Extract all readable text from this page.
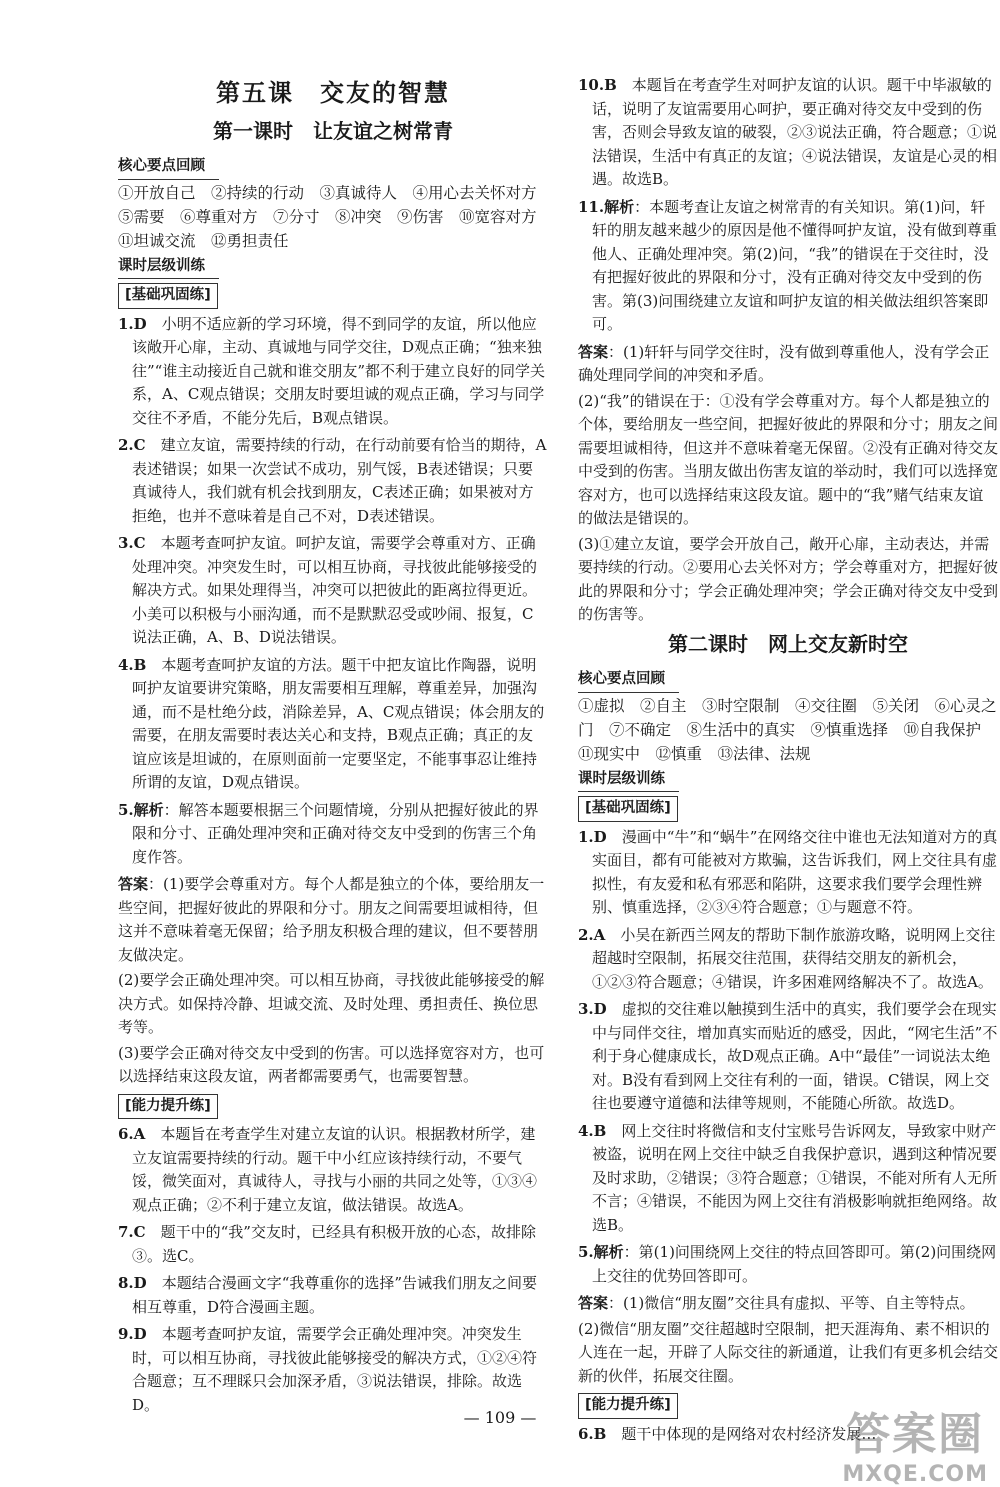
第五课　交友的智慧
第一课时　让友谊之树常青
核心要点回顾
①开放自己　②持续的行动　③真诚待人　④用心去关怀对方　⑤需要　⑥尊重对方　⑦分寸　⑧冲突　⑨伤害　⑩宽容对方　⑪坦诚交流　⑫勇担责任
课时层级训练
[基础巩固练]
1.D　 小明不适应新的学习环境，得不到同学的友谊，所以他应该敞开心扉，主动、真诚地与同学交往，D观点正确；“独来独往”“谁主动接近自己就和谁交朋友”都不利于建立良好的同学关系，A、C观点错误；交朋友时要坦诚的观点正确，学习与同学交往不矛盾，不能分先后，B观点错误。
2.C　 建立友谊，需要持续的行动，在行动前要有恰当的期待，A表述错误；如果一次尝试不成功，别气馁，B表述错误；只要真诚待人，我们就有机会找到朋友，C表述正确；如果被对方拒绝，也并不意味着是自己不对，D表述错误。
3.C　 本题考查呵护友谊。呵护友谊，需要学会尊重对方、正确处理冲突。冲突发生时，可以相互协商，寻找彼此能够接受的解决方式。如果处理得当，冲突可以把彼此的距离拉得更近。小美可以积极与小丽沟通，而不是默默忍受或吵闹、报复，C说法正确，A、B、D说法错误。
4.B　 本题考查呵护友谊的方法。题干中把友谊比作陶器，说明呵护友谊要讲究策略，朋友需要相互理解，尊重差异，加强沟通，而不是杜绝分歧，消除差异，A、C观点错误；体会朋友的需要，在朋友需要时表达关心和支持，B观点正确；真正的友谊应该是坦诚的，在原则面前一定要坚定，不能事事忍让维持所谓的友谊，D观点错误。
5.解析：解答本题要根据三个问题情境，分别从把握好彼此的界限和分寸、正确处理冲突和正确对待交友中受到的伤害三个角度作答。
答案：(1)要学会尊重对方。每个人都是独立的个体，要给朋友一些空间，把握好彼此的界限和分寸。朋友之间需要坦诚相待，但这并不意味着毫无保留；给予朋友积极合理的建议，但不要替朋友做决定。
(2)要学会正确处理冲突。可以相互协商，寻找彼此能够接受的解决方式。如保持冷静、坦诚交流、及时处理、勇担责任、换位思考等。
(3)要学会正确对待交友中受到的伤害。可以选择宽容对方，也可以选择结束这段友谊，两者都需要勇气，也需要智慧。
[能力提升练]
6.A　 本题旨在考查学生对建立友谊的认识。根据教材所学，建立友谊需要持续的行动。题干中小红应该持续行动，不要气馁，微笑面对，真诚待人，寻找与小丽的共同之处等，①③④观点正确；②不利于建立友谊，做法错误。故选A。
7.C　 题干中的“我”交友时，已经具有积极开放的心态，故排除③。选C。
8.D　 本题结合漫画文字“我尊重你的选择”告诫我们朋友之间要相互尊重，D符合漫画主题。
9.D　 本题考查呵护友谊，需要学会正确处理冲突。冲突发生时，可以相互协商，寻找彼此能够接受的解决方式，①②④符合题意；互不理睬只会加深矛盾，③说法错误，排除。故选D。
10.B　 本题旨在考查学生对呵护友谊的认识。题干中毕淑敏的话，说明了友谊需要用心呵护，要正确对待交友中受到的伤害，否则会导致友谊的破裂，②③说法正确，符合题意；①说法错误，生活中有真正的友谊；④说法错误，友谊是心灵的相遇。故选B。
11.解析：本题考查让友谊之树常青的有关知识。第(1)问，轩轩的朋友越来越少的原因是他不懂得呵护友谊，没有做到尊重他人、正确处理冲突。第(2)问，“我”的错误在于交往时，没有把握好彼此的界限和分寸，没有正确对待交友中受到的伤害。第(3)问围绕建立友谊和呵护友谊的相关做法组织答案即可。
答案：(1)轩轩与同学交往时，没有做到尊重他人，没有学会正确处理同学间的冲突和矛盾。
(2)“我”的错误在于：①没有学会尊重对方。每个人都是独立的个体，要给朋友一些空间，把握好彼此的界限和分寸；朋友之间需要坦诚相待，但这并不意味着毫无保留。②没有正确对待交友中受到的伤害。当朋友做出伤害友谊的举动时，我们可以选择宽容对方，也可以选择结束这段友谊。题中的“我”赌气结束友谊的做法是错误的。
(3)①建立友谊，要学会开放自己，敞开心扉，主动表达，并需要持续的行动。②要用心去关怀对方；学会尊重对方，把握好彼此的界限和分寸；学会正确处理冲突；学会正确对待交友中受到的伤害等。
第二课时　网上交友新时空
核心要点回顾
①虚拟　②自主　③时空限制　④交往圈　⑤关闭　⑥心灵之门　⑦不确定　⑧生活中的真实　⑨慎重选择　⑩自我保护　⑪现实中　⑫慎重　⑬法律、法规
课时层级训练
[基础巩固练]
1.D　 漫画中“牛”和“蜗牛”在网络交往中谁也无法知道对方的真实面目，都有可能被对方欺骗，这告诉我们，网上交往具有虚拟性，有友爱和私有邪恶和陷阱，这要求我们要学会理性辨别、慎重选择，②③④符合题意；①与题意不符。
2.A　 小吴在新西兰网友的帮助下制作旅游攻略，说明网上交往超越时空限制，拓展交往范围，获得结交朋友的新机会，①②③符合题意；④错误，许多困难网络解决不了。故选A。
3.D　 虚拟的交往难以触摸到生活中的真实，我们要学会在现实中与同伴交往，增加真实而贴近的感受，因此，“网宅生活”不利于身心健康成长，故D观点正确。A中“最佳”一词说法太绝对。B没有看到网上交往有利的一面，错误。C错误，网上交往也要遵守道德和法律等规则，不能随心所欲。故选D。
4.B　 网上交往时将微信和支付宝账号告诉网友，导致家中财产被盗，说明在网上交往中缺乏自我保护意识，遇到这种情况要及时求助，②错误；③符合题意；①错误，不能对所有人无所不言；④错误，不能因为网上交往有消极影响就拒绝网络。故选B。
5.解析：第(1)问围绕网上交往的特点回答即可。第(2)问围绕网上交往的优势回答即可。
答案：(1)微信“朋友圈”交往具有虚拟、平等、自主等特点。
(2)微信“朋友圈”交往超越时空限制，把天涯海角、素不相识的人连在一起，开辟了人际交往的新通道，让我们有更多机会结交新的伙伴，拓展交往圈。
[能力提升练]
6.B　 题干中体现的是网络对农村经济发展…
— 109 —	答案圈
MXQE.COM
